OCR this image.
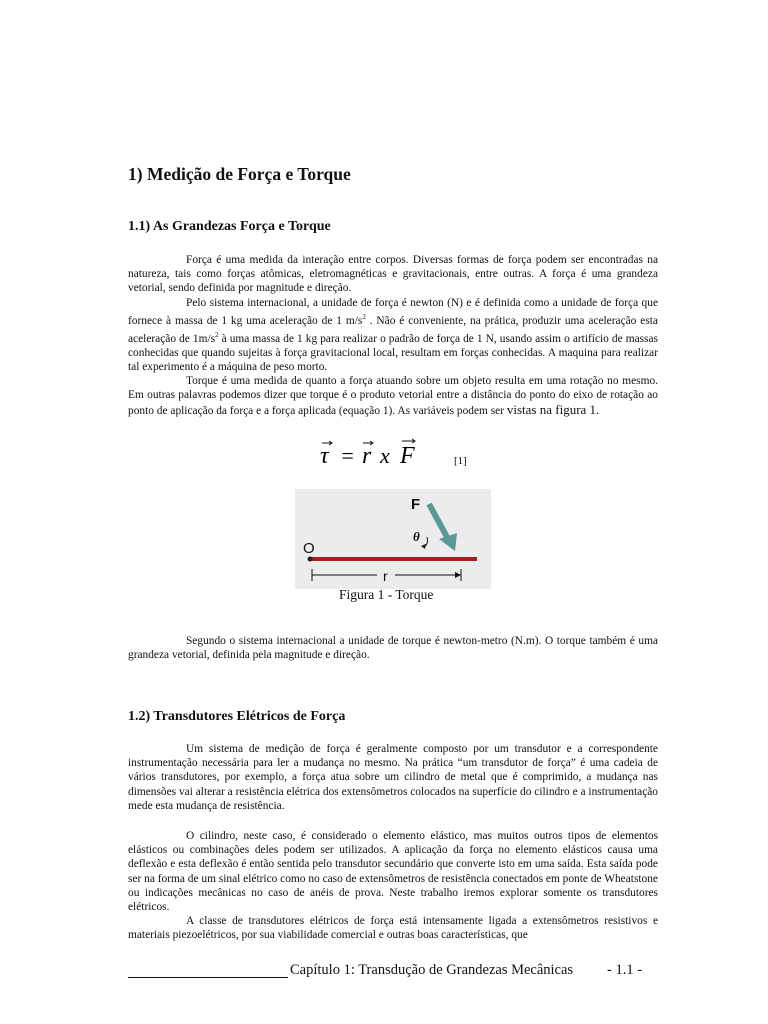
1) Medição de Força e Torque
1.1) As Grandezas Força e Torque

Força é uma medida da interação entre corpos. Diversas formas de força podem ser encontradas na natureza, tais como forças atômicas, eletromagnéticas e gravitacionais, entre outras. A força é uma grandeza vetorial, sendo definida por magnitude e direção.

Pelo sistema internacional, a unidade de força é newton (N) e é definida como a unidade de força que fornece à massa de 1 kg uma aceleração de 1 $m/s^2$ . Não é conveniente, na prática, produzir uma aceleração esta aceleração de $1m/s^2$ à uma massa de 1 kg para realizar o padrão de força de 1 N, usando assim o artifício de massas conhecidas que quando sujeitas à força gravitacional local, resultam em forças conhecidas. A maquina para realizar tal experimento é a máquina de peso morto.

Torque é uma medida de quanto a força atuando sobre um objeto resulta em uma rotação no mesmo. Em outras palavras podemos dizer que torque é o produto vetorial entre a distância do ponto do eixo de rotação ao ponto de aplicação da força e a força aplicada (equação 1). As variáveis podem ser vistas na figura 1.

τ = r x F	[1]
F
θ
O
r
Figura 1 - Torque

Segundo o sistema internacional a unidade de torque é newton-metro (N.m). O torque também é uma grandeza vetorial, definida pela magnitude e direção.

1.2) Transdutores Elétricos de Força

Um sistema de medição de força é geralmente composto por um transdutor e a correspondente instrumentação necessária para ler a mudança no mesmo. Na prática “um transdutor de força” é uma cadeia de vários transdutores, por exemplo, a força atua sobre um cilindro de metal que é comprimido, a mudança nas dimensões vai alterar a resistência elétrica dos extensômetros colocados na superfície do cilindro e a instrumentação mede esta mudança de resistência.

O cilindro, neste caso, é considerado o elemento elástico, mas muitos outros tipos de elementos elásticos ou combinações deles podem ser utilizados. A aplicação da força no elemento elásticos causa uma deflexão e esta deflexão é então sentida pelo transdutor secundário que converte isto em uma saída. Esta saída pode ser na forma de um sinal elétrico como no caso de extensômetros de resistência conectados em ponte de Wheatstone ou indicações mecânicas no caso de anéis de prova. Neste trabalho iremos explorar somente os transdutores elétricos.

A classe de transdutores elétricos de força está intensamente ligada a extensômetros resistivos e materiais piezoelétricos, por sua viabilidade comercial e outras boas características, que

Capítulo 1: Transdução de Grandezas Mecânicas - 1.1 -
